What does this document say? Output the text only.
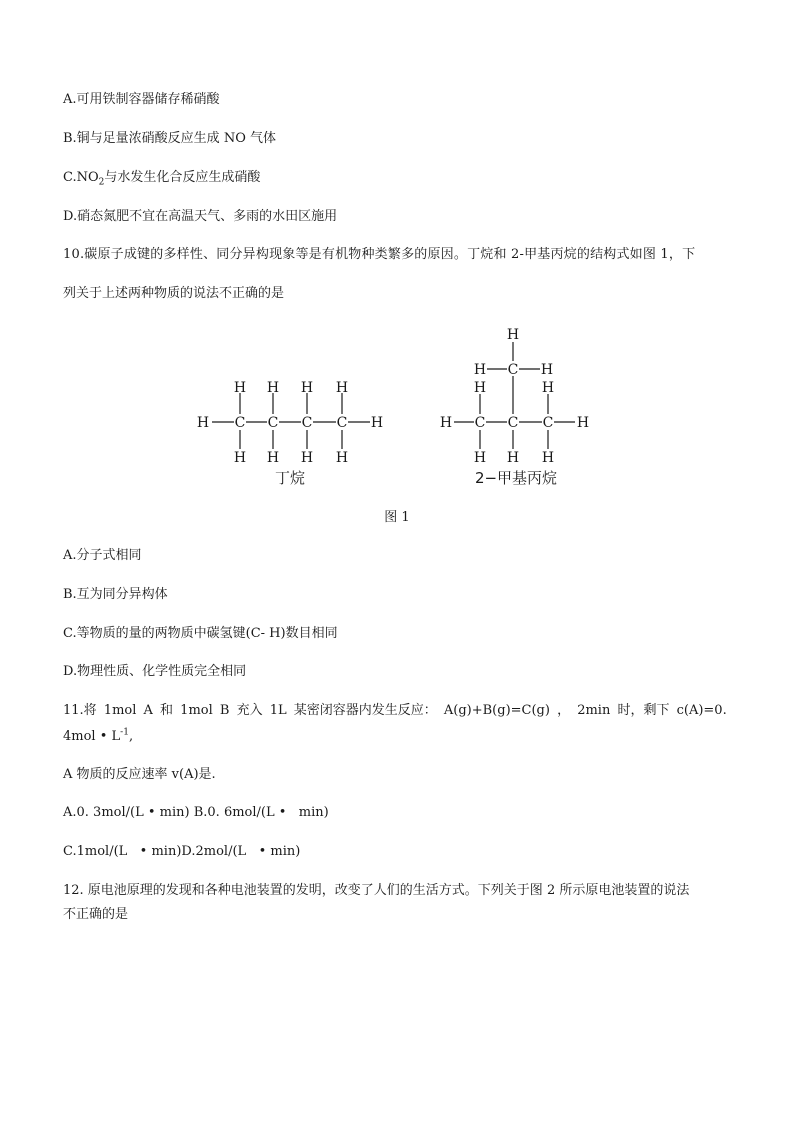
A.可用铁制容器储存稀硝酸
B.铜与足量浓硝酸反应生成 NO 气体
$C.NO_2$与水发生化合反应生成硝酸
D.硝态氮肥不宜在高温天气、多雨的水田区施用
10.碳原子成键的多样性、同分异构现象等是有机物种类繁多的原因。丁烷和 2-甲基丙烷的结构式如图 1，下
列关于上述两种物质的说法不正确的是
H C C C C H
H H H H
H H H H
丁烷
H C C C H
H	H
H H H
H C H
H
2−甲基丙烷
图 1
A.分子式相同
B.互为同分异构体
C.等物质的量的两物质中碳氢键(C- H)数目相同
D.物理性质、化学性质完全相同
11.将 1mol A 和 1mol B 充入 1L 某密闭容器内发生反应： A(g)+B(g)=C(g) ， 2min 时，剩下 c(A)=0.
4mol • $L^{-1}$,
A 物质的反应速率 v(A)是.
A.0. 3mol/(L • min) B.0. 6mol/(L •   min)
C.1mol/(L   • min)D.2mol/(L   • min)
12. 原电池原理的发现和各种电池装置的发明，改变了人们的生活方式。下列关于图 2 所示原电池装置的说法
不正确的是
